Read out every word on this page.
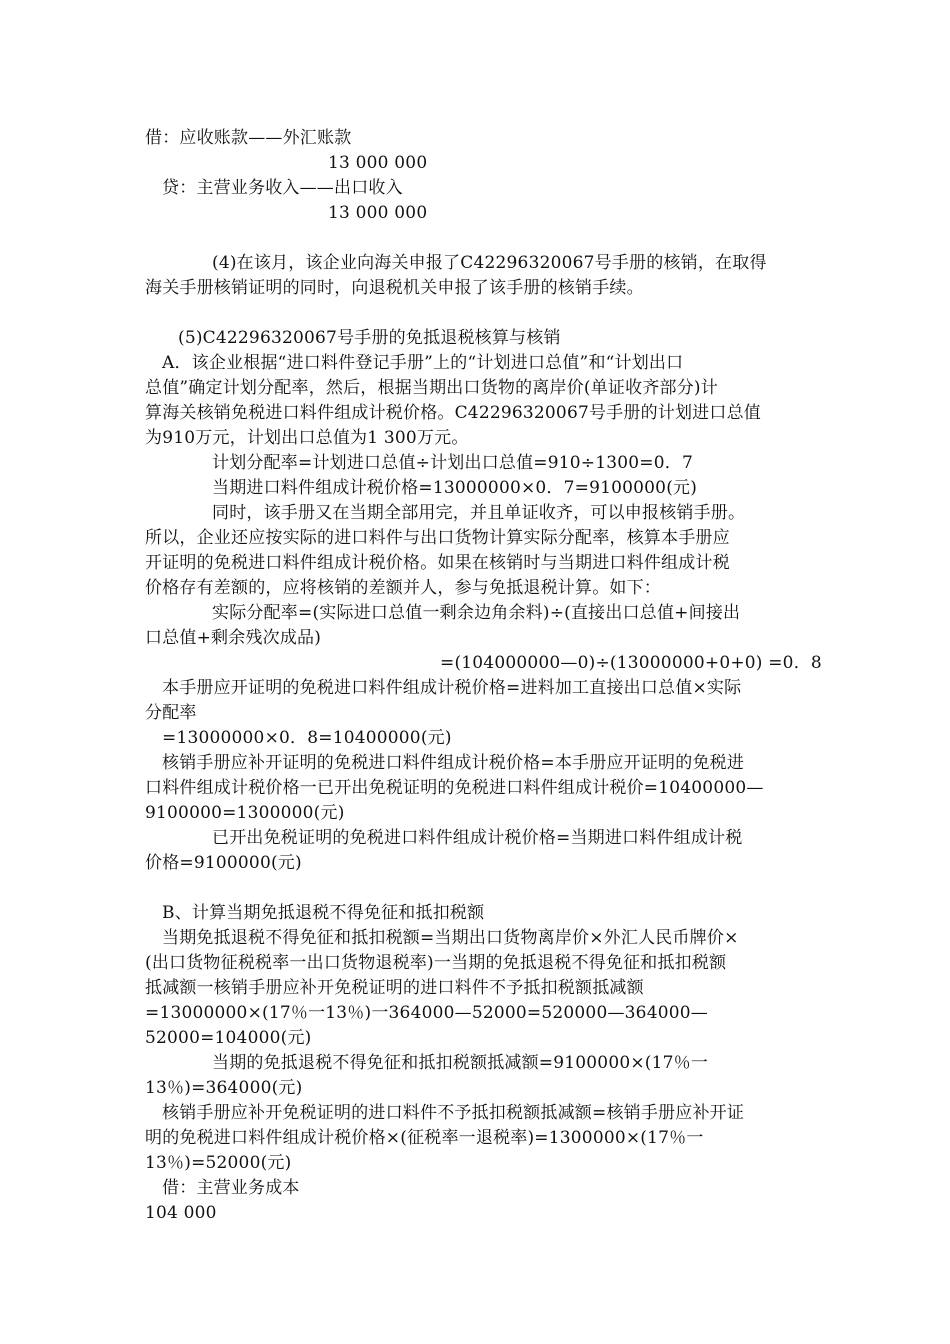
借：应收账款——外汇账款
13 000 000
贷：主营业务收入——出口收入
13 000 000
(4)在该月，该企业向海关申报了C42296320067号手册的核销，在取得
海关手册核销证明的同时，向退税机关申报了该手册的核销手续。
(5)C42296320067号手册的免抵退税核算与核销
A．该企业根据“进口料件登记手册”上的“计划进口总值”和“计划出口
总值”确定计划分配率，然后，根据当期出口货物的离岸价(单证收齐部分)计
算海关核销免税进口料件组成计税价格。C42296320067号手册的计划进口总值
为910万元，计划出口总值为1 300万元。
计划分配率=计划进口总值÷计划出口总值=910÷1300=0．7
当期进口料件组成计税价格=13000000×0．7=9100000(元)
同时，该手册又在当期全部用完，并且单证收齐，可以申报核销手册。
所以，企业还应按实际的进口料件与出口货物计算实际分配率，核算本手册应
开证明的免税进口料件组成计税价格。如果在核销时与当期进口料件组成计税
价格存有差额的，应将核销的差额并人，参与免抵退税计算。如下：
实际分配率=(实际进口总值一剩余边角余料)÷(直接出口总值+间接出
口总值+剩余残次成品)
=(104000000—0)÷(13000000+0+0) =0．8
本手册应开证明的免税进口料件组成计税价格=进料加工直接出口总值×实际
分配率
=13000000×0．8=10400000(元)
核销手册应补开证明的免税进口料件组成计税价格=本手册应开证明的免税进
口料件组成计税价格一已开出免税证明的免税进口料件组成计税价=10400000—
9100000=1300000(元)
已开出免税证明的免税进口料件组成计税价格=当期进口料件组成计税
价格=9100000(元)
B、计算当期免抵退税不得免征和抵扣税额
当期免抵退税不得免征和抵扣税额=当期出口货物离岸价×外汇人民币牌价×
(出口货物征税税率一出口货物退税率)一当期的免抵退税不得免征和抵扣税额
抵减额一核销手册应补开免税证明的进口料件不予抵扣税额抵减额
=13000000×(17％一13％)一364000—52000=520000—364000—
52000=104000(元)
当期的免抵退税不得免征和抵扣税额抵减额=9100000×(17％一
13％)=364000(元)
核销手册应补开免税证明的进口料件不予抵扣税额抵减额=核销手册应补开证
明的免税进口料件组成计税价格×(征税率一退税率)=1300000×(17％一
13％)=52000(元)
借：主营业务成本
104 000
